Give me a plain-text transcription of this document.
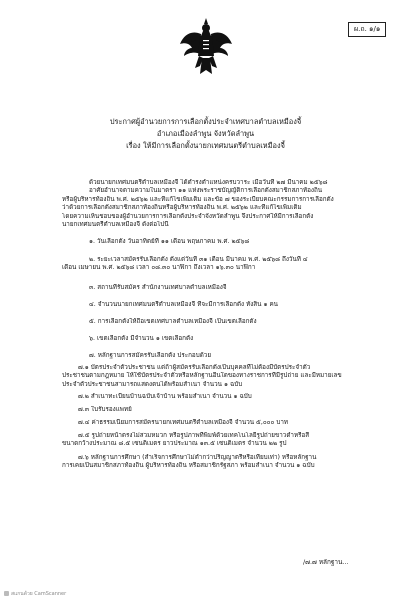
ผ.ถ. ๑/๑
ประกาศผู้อำนวยการการเลือกตั้งประจำเทศบาลตำบลเหมืองจี้
อำเภอเมืองลำพูน จังหวัดลำพูน
เรื่อง ให้มีการเลือกตั้งนายกเทศมนตรีตำบลเหมืองจี้
ด้วยนายกเทศมนตรีตำบลเหมืองจี้ ได้ดำรงตำแหน่งครบวาระ เมื่อวันที่ ๒๗ มีนาคม ๒๕๖๘
อาศัยอำนาจตามความในมาตรา ๑๑ แห่งพระราชบัญญัติการเลือกตั้งสมาชิกสภาท้องถิ่น
หรือผู้บริหารท้องถิ่น พ.ศ. ๒๕๖๒ และที่แก้ไขเพิ่มเติม และข้อ ๗ ของระเบียบคณะกรรมการการเลือกตั้ง
ว่าด้วยการเลือกตั้งสมาชิกสภาท้องถิ่นหรือผู้บริหารท้องถิ่น พ.ศ. ๒๕๖๒ และที่แก้ไขเพิ่มเติม
โดยความเห็นชอบของผู้อำนวยการการเลือกตั้งประจำจังหวัดลำพูน จึงประกาศให้มีการเลือกตั้ง
นายกเทศมนตรีตำบลเหมืองจี้ ดังต่อไปนี้
๑. วันเลือกตั้ง วันอาทิตย์ที่ ๑๑ เดือน พฤษภาคม พ.ศ. ๒๕๖๘
๒. ระยะเวลาสมัครรับเลือกตั้ง ตั้งแต่วันที่ ๓๑ เดือน มีนาคม พ.ศ. ๒๕๖๘ ถึงวันที่ ๔
เดือน เมษายน พ.ศ. ๒๕๖๘ เวลา ๐๘.๓๐ นาฬิกา ถึงเวลา ๑๖.๓๐ นาฬิกา
๓. สถานที่รับสมัคร สำนักงานเทศบาลตำบลเหมืองจี้
๔. จำนวนนายกเทศมนตรีตำบลเหมืองจี้ ที่จะมีการเลือกตั้ง ทั้งสิ้น ๑ คน
๕. การเลือกตั้งให้ถือเขตเทศบาลตำบลเหมืองจี้ เป็นเขตเลือกตั้ง
๖. เขตเลือกตั้ง มีจำนวน ๑ เขตเลือกตั้ง
๗. หลักฐานการสมัครรับเลือกตั้ง ประกอบด้วย
๗.๑ บัตรประจำตัวประชาชน แต่ถ้าผู้สมัครรับเลือกตั้งเป็นบุคคลที่ไม่ต้องมีบัตรประจำตัว
ประชาชนตามกฎหมาย ให้ใช้บัตรประจำตัวหรือหลักฐานอื่นใดของทางราชการที่มีรูปถ่าย และมีหมายเลข
ประจำตัวประชาชนสามารถแสดงตนได้พร้อมสำเนา จำนวน ๑ ฉบับ
๗.๒ สำเนาทะเบียนบ้านฉบับเจ้าบ้าน พร้อมสำเนา จำนวน ๑ ฉบับ
๗.๓ ใบรับรองแพทย์
๗.๔ ค่าธรรมเนียมการสมัครนายกเทศมนตรีตำบลเหมืองจี้ จำนวน ๕,๐๐๐ บาท
๗.๕ รูปถ่ายหน้าตรงไม่สวมหมวก หรือรูปภาพที่พิมพ์ด้วยเทคโนโลยีรูปถ่ายขาวดำหรือสี
ขนาดกว้างประมาณ ๘.๕ เซนติเมตร ยาวประมาณ ๑๓.๕ เซนติเมตร จำนวน ๒๒ รูป
๗.๖ หลักฐานการศึกษา (สำเร็จการศึกษาไม่ต่ำกว่าปริญญาตรีหรือเทียบเท่า) หรือหลักฐาน
การเคยเป็นสมาชิกสภาท้องถิ่น ผู้บริหารท้องถิ่น หรือสมาชิกรัฐสภา พร้อมสำเนา จำนวน ๑ ฉบับ
/๗.๗ หลักฐาน...
สแกนด้วย CamScanner
